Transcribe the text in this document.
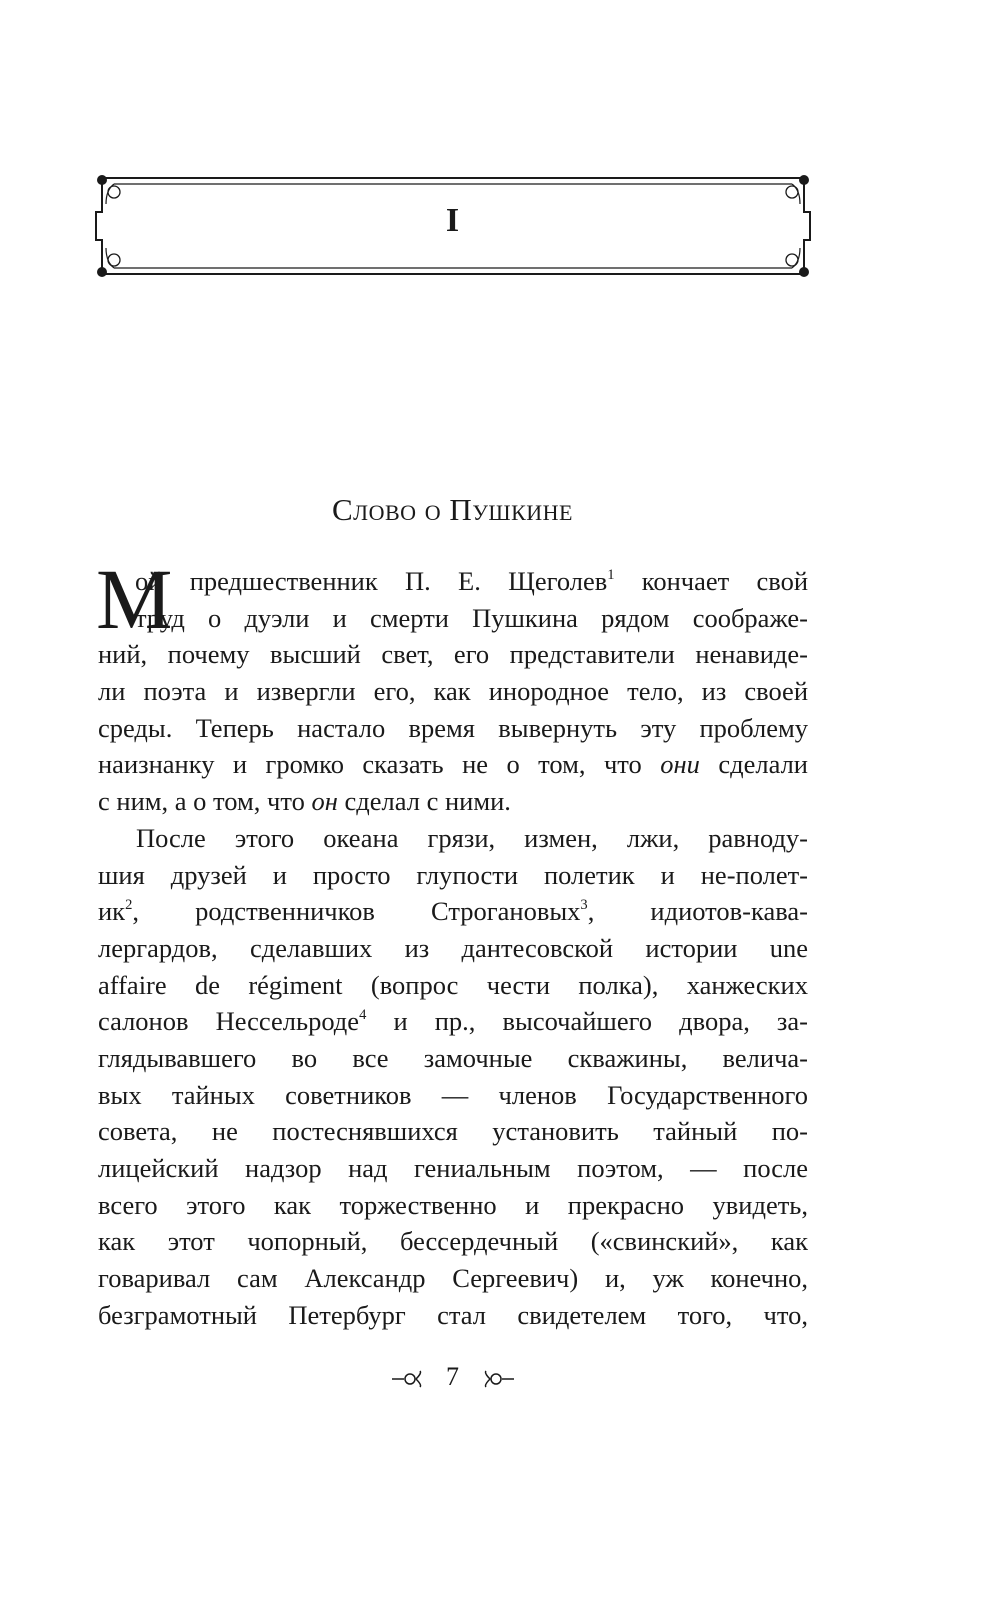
I
Слово о Пушкине
М
ой предшественник П. Е. Щеголев$^1$ кончает свой
труд о дуэли и смерти Пушкина рядом соображе-
ний, почему высший свет, его представители ненавиде-
ли поэта и извергли его, как инородное тело, из своей
среды. Теперь настало время вывернуть эту проблему
наизнанку и громко сказать не о том, что они сделали
с ним, а о том, что он сделал с ними.
После этого океана грязи, измен, лжи, равноду-
шия друзей и просто глупости полетик и не-полет-
$ик^2$, родственничков Строгановых$^3$, идиотов-кава-
лергардов, сделавших из дантесовской истории une
affaire de régiment (вопрос чести полка), ханжеских
салонов Нессельроде$^4$ и пр., высочайшего двора, за-
глядывавшего во все замочные скважины, велича-
вых тайных советников — членов Государственного
совета, не постеснявшихся установить тайный по-
лицейский надзор над гениальным поэтом, — после
всего этого как торжественно и прекрасно увидеть,
как этот чопорный, бессердечный («свинский», как
говаривал сам Александр Сергеевич) и, уж конечно,
безграмотный Петербург стал свидетелем того, что,
7
